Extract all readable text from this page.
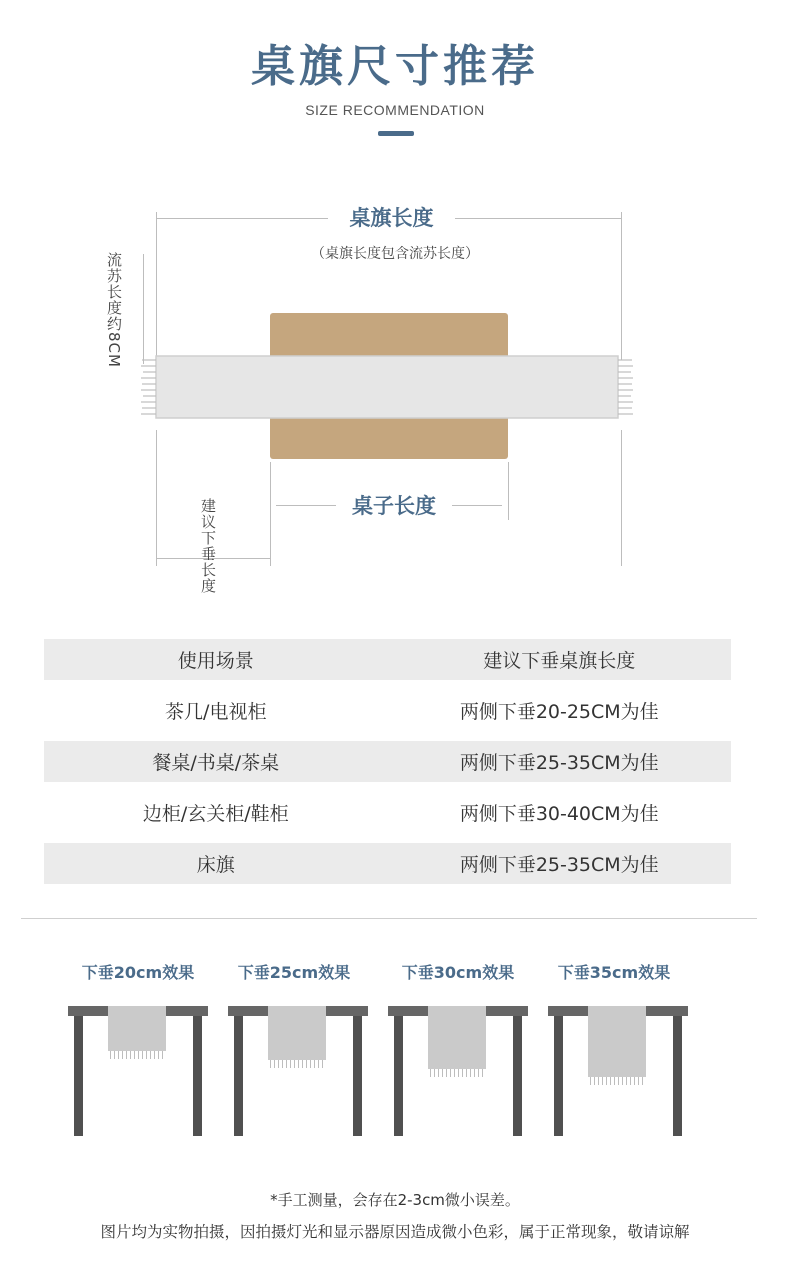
桌旗尺寸推荐
SIZE RECOMMENDATION
桌旗长度
（桌旗长度包含流苏长度）
流苏长度约8CM
桌子长度
建议下垂长度
使用场景	建议下垂桌旗长度
茶几/电视柜	两侧下垂20-25CM为佳
餐桌/书桌/茶桌	两侧下垂25-35CM为佳
边柜/玄关柜/鞋柜	两侧下垂30-40CM为佳
床旗	两侧下垂25-35CM为佳
下垂20cm效果	下垂25cm效果	下垂30cm效果	下垂35cm效果
*手工测量，会存在2-3cm微小误差。
图片均为实物拍摄，因拍摄灯光和显示器原因造成微小色彩，属于正常现象，敬请谅解
